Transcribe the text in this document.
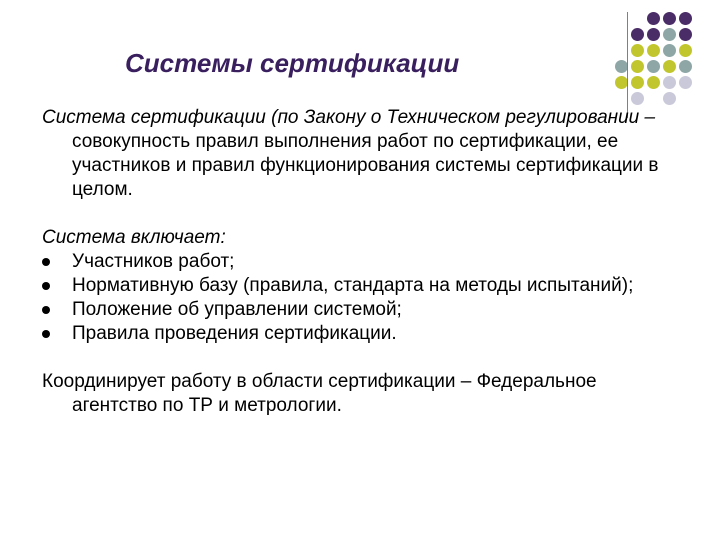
Системы сертификации

Система сертификации (по Закону о Техническом регулировании –
совокупность правил выполнения работ по сертификации, ее участников и правил функционирования системы сертификации в целом.

Система включает:

Участников работ;
Нормативную базу (правила, стандарта на методы испытаний);
Положение об управлении системой;
Правила проведения сертификации.

Координирует работу в области сертификации – Федеральное агентство по ТР и метрологии.
